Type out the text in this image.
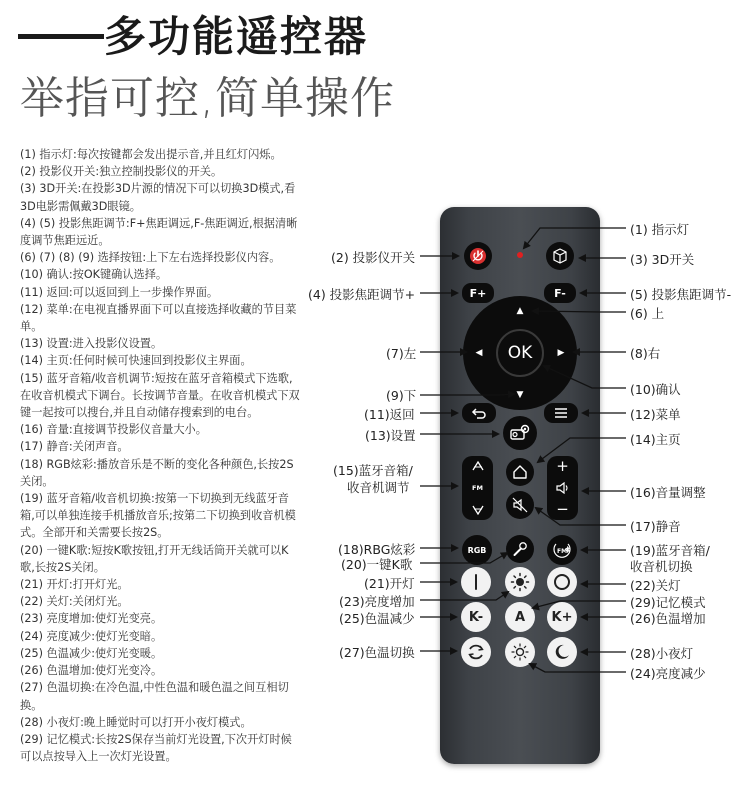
多功能遥控器
举指可控,简单操作

(1) 指示灯:每次按键都会发出提示音,并且红灯闪烁。

(2) 投影仪开关:独立控制投影仪的开关。

(3) 3D开关:在投影3D片源的情况下可以切换3D模式,看3D电影需佩戴3D眼镜。

(4) (5) 投影焦距调节:F+焦距调远,F-焦距调近,根据清晰度调节焦距远近。

(6) (7) (8) (9) 选择按钮:上下左右选择投影仪内容。

(10) 确认:按OK键确认选择。

(11) 返回:可以返回到上一步操作界面。

(12) 菜单:在电视直播界面下可以直接选择收藏的节目菜单。

(13) 设置:进入投影仪设置。

(14) 主页:任何时候可快速回到投影仪主界面。

(15) 蓝牙音箱/收音机调节:短按在蓝牙音箱模式下选歌,在收音机模式下调台。长按调节音量。在收音机模式下双键一起按可以搜台,并且自动储存搜索到的电台。

(16) 音量:直接调节投影仪音量大小。

(17) 静音:关闭声音。

(18) RGB炫彩:播放音乐是不断的变化各种颜色,长按2S关闭。

(19) 蓝牙音箱/收音机切换:按第一下切换到无线蓝牙音箱,可以单独连接手机播放音乐;按第二下切换到收音机模式。全部开和关需要长按2S。

(20) 一键K歌:短按K歌按钮,打开无线话筒开关就可以K歌,长按2S关闭。

(21) 开灯:打开灯光。

(22) 关灯:关闭灯光。

(23) 亮度增加:使灯光变亮。

(24) 亮度减少:使灯光变暗。

(25) 色温减少:使灯光变暖。

(26) 色温增加:使灯光变冷。

(27) 色温切换:在冷色温,中性色温和暖色温之间互相切换。

(28) 小夜灯:晚上睡觉时可以打开小夜灯模式。

(29) 记忆模式:长按2S保存当前灯光设置,下次开灯时候可以点按导入上一次灯光设置。

F+	F-
▲
▼
◀	▶
OK
FM
+
−
RGB	FM
K-	A	K+
(2) 投影仪开关
(4) 投影焦距调节+
(7)左
(9)下
(11)返回
(13)设置
(15)蓝牙音箱/
收音机调节
(18)RBG炫彩
(20)一键K歌
(21)开灯
(23)亮度增加
(25)色温减少
(27)色温切换
(1) 指示灯
(3) 3D开关
(5) 投影焦距调节-
(6) 上
(8)右
(10)确认
(12)菜单
(14)主页
(16)音量调整
(17)静音
(19)蓝牙音箱/
收音机切换
(22)关灯
(29)记忆模式
(26)色温增加
(28)小夜灯
(24)亮度减少
